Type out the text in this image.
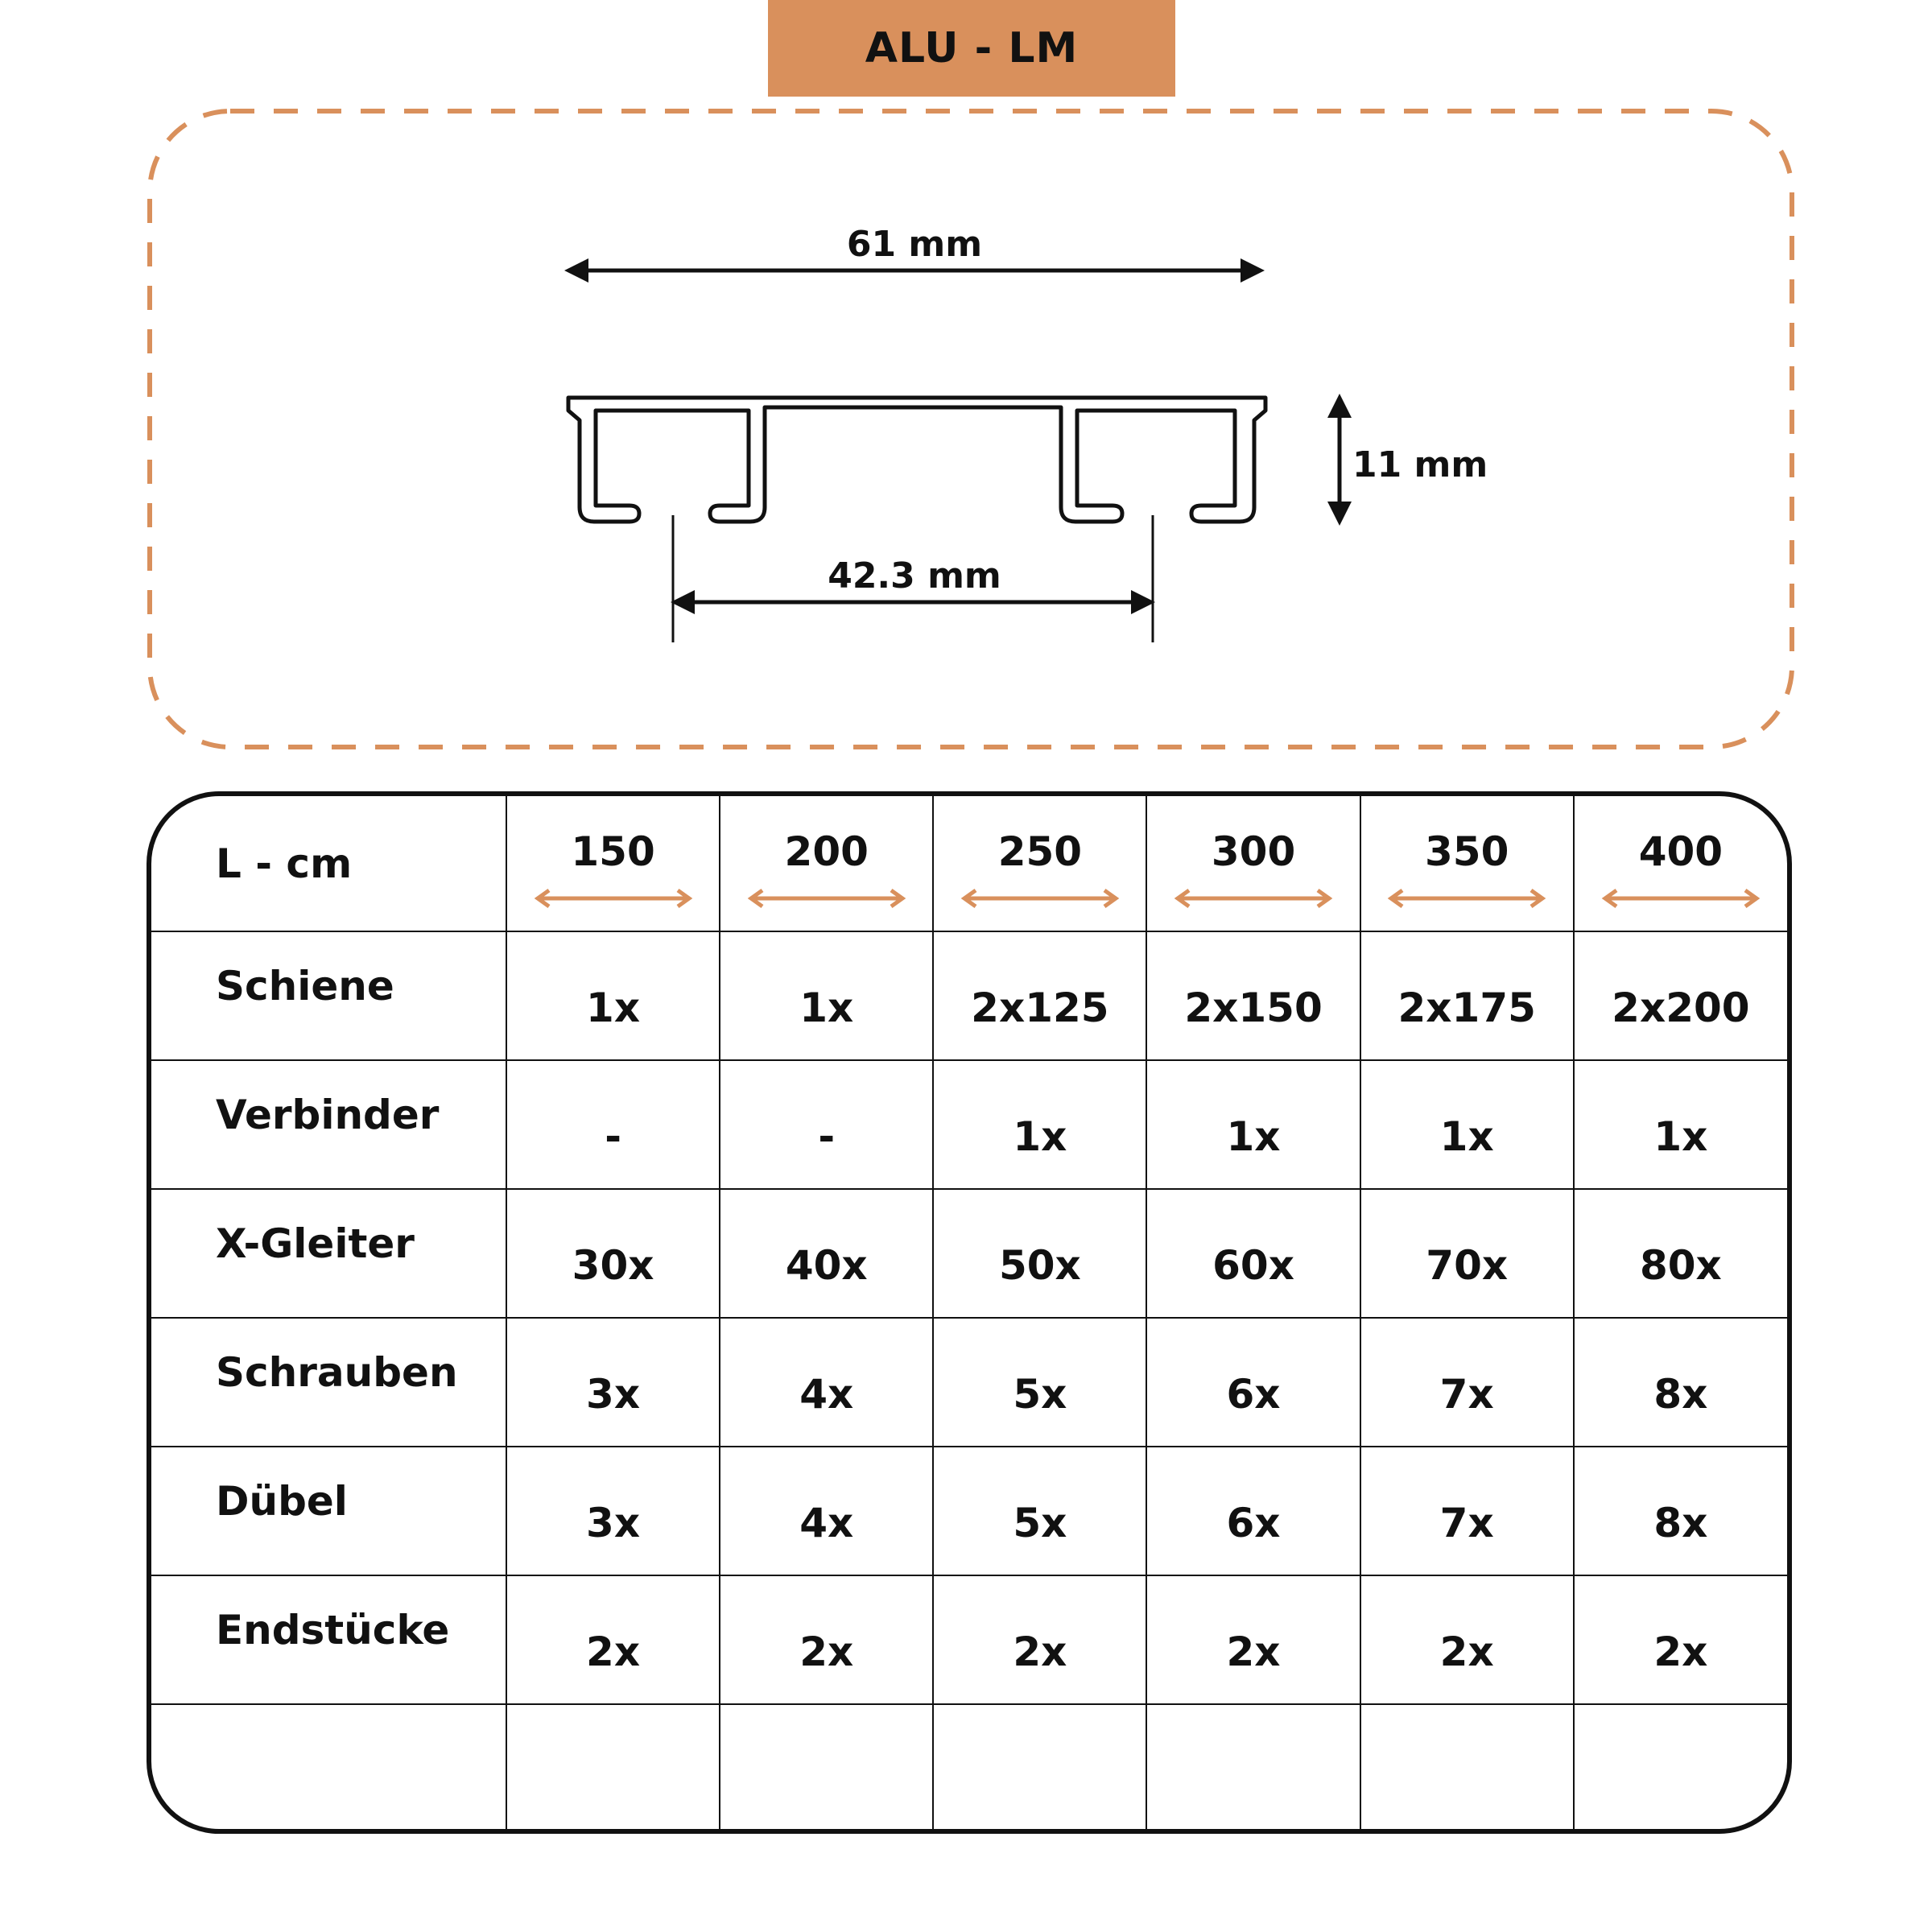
ALU - LM
61 mm
11 mm
42.3 mm
L - cm	150	200	250	300	350	400

Schiene	1x	1x	2x125	2x150	2x175	2x200
Verbinder	-	-	1x	1x	1x	1x
X-Gleiter	30x	40x	50x	60x	70x	80x
Schrauben	3x	4x	5x	6x	7x	8x
Dübel	3x	4x	5x	6x	7x	8x
Endstücke	2x	2x	2x	2x	2x	2x
